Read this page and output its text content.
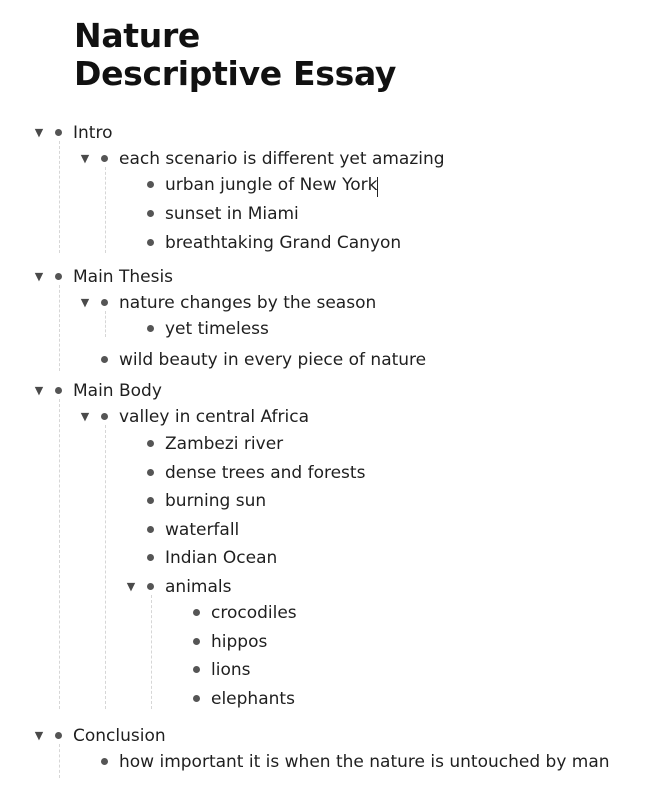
Nature
Descriptive Essay
▼ Intro
▼ each scenario is different yet amazing
urban jungle of New York
sunset in Miami
breathtaking Grand Canyon
▼ Main Thesis
▼ nature changes by the season
yet timeless
wild beauty in every piece of nature
▼ Main Body
▼ valley in central Africa
Zambezi river
dense trees and forests
burning sun
waterfall
Indian Ocean
▼ animals
crocodiles
hippos
lions
elephants
▼ Conclusion
how important it is when the nature is untouched by man
